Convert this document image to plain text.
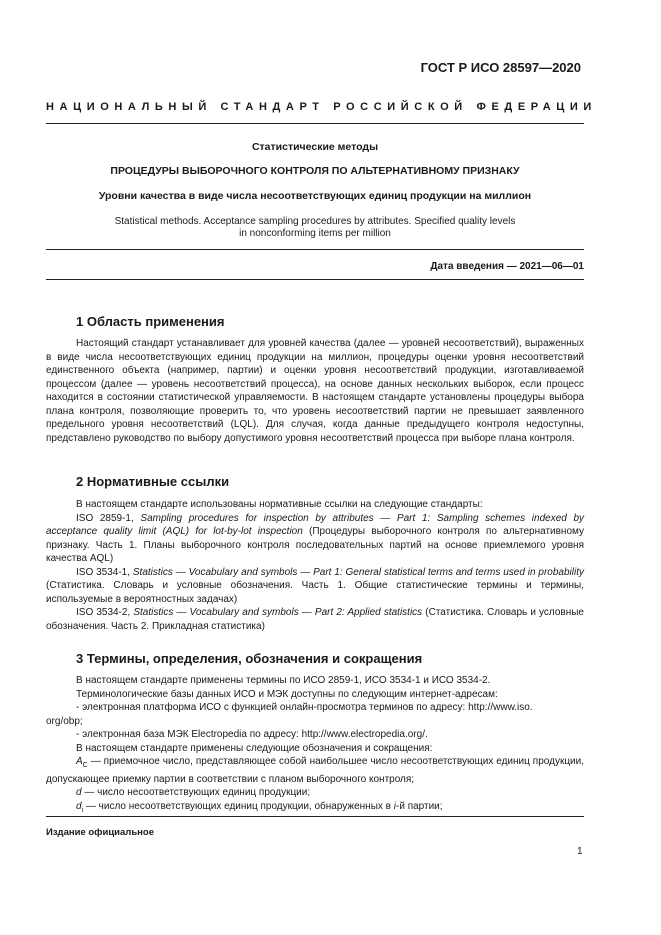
ГОСТ Р ИСО 28597—2020
НАЦИОНАЛЬНЫЙ СТАНДАРТ РОССИЙСКОЙ ФЕДЕРАЦИИ
Статистические методы
ПРОЦЕДУРЫ ВЫБОРОЧНОГО КОНТРОЛЯ ПО АЛЬТЕРНАТИВНОМУ ПРИЗНАКУ
Уровни качества в виде числа несоответствующих единиц продукции на миллион
Statistical methods. Acceptance sampling procedures by attributes. Specified quality levels
in nonconforming items per million
Дата введения — 2021—06—01
1 Область применения

Настоящий стандарт устанавливает для уровней качества (далее — уровней несоответствий), выраженных в виде числа несоответствующих единиц продукции на миллион, процедуры оценки уровня несоответствий единственного объекта (например, партии) и оценки уровня несоответствий продукции, изготавливаемой процессом (далее — уровень несоответствий процесса), на основе данных нескольких выборок, если процесс находится в состоянии статистической управляемости. В настоящем стандарте установлены процедуры выбора плана контроля, позволяющие проверить то, что уровень несоответствий партии не превышает заявленного предельного уровня несоответствий (LQL). Для случая, когда данные предыдущего контроля недоступны, представлено руководство по выбору допустимого уровня несоответствий процесса при выборе плана контроля.

2 Нормативные ссылки

В настоящем стандарте использованы нормативные ссылки на следующие стандарты:

ISO 2859-1, Sampling procedures for inspection by attributes — Part 1: Sampling schemes indexed by acceptance quality limit (AQL) for lot-by-lot inspection (Процедуры выборочного контроля по альтернативному признаку. Часть 1. Планы выборочного контроля последовательных партий на основе приемлемого уровня качества AQL)

ISO 3534-1, Statistics — Vocabulary and symbols — Part 1: General statistical terms and terms used in probability (Статистика. Словарь и условные обозначения. Часть 1. Общие статистические термины и термины, используемые в вероятностных задачах)

ISO 3534-2, Statistics — Vocabulary and symbols — Part 2: Applied statistics (Статистика. Словарь и условные обозначения. Часть 2. Прикладная статистика)

3 Термины, определения, обозначения и сокращения

В настоящем стандарте применены термины по ИСО 2859-1, ИСО 3534-1 и ИСО 3534-2.

Терминологические базы данных ИСО и МЭК доступны по следующим интернет-адресам:

- электронная платформа ИСО с функцией онлайн-просмотра терминов по адресу: http://www.iso.

org/obp;

- электронная база МЭК Electropedia по адресу: http://www.electropedia.org/.

В настоящем стандарте применены следующие обозначения и сокращения:

$A_C$ — приемочное число, представляющее собой наибольшее число несоответствующих единиц продукции, допускающее приемку партии в соответствии с планом выборочного контроля;

d — число несоответствующих единиц продукции;

$d_i$ — число несоответствующих единиц продукции, обнаруженных в i-й партии;

Издание официальное
1
